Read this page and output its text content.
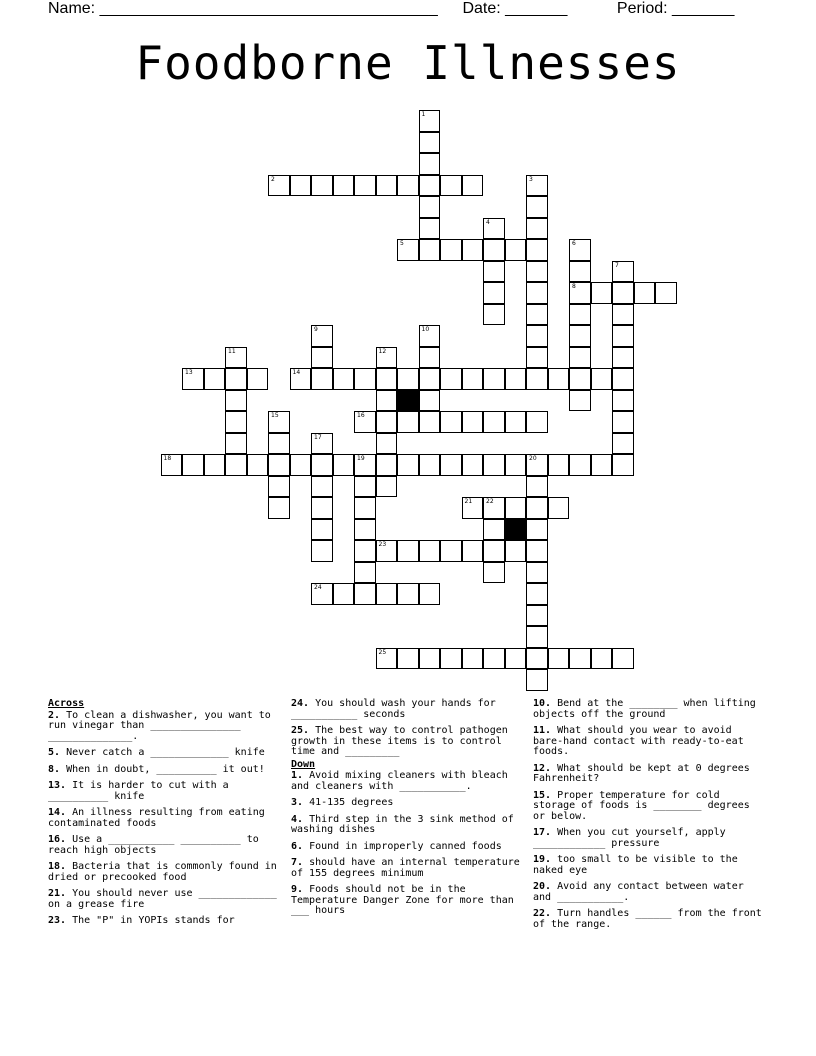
Name: ______________________________________ Date: _______	Period: _______
Foodborne Illnesses
1
2	3
4
5	6
8
7
9	10
11	12
13	14
15	16
17
18	19	20
21 22
23
24
25
Across
2. To clean a dishwasher, you want to run vinegar than _______________ ______________.
5. Never catch a _____________ knife
8. When in doubt, __________ it out!
13. It is harder to cut with a __________ knife
14. An illness resulting from eating contaminated foods
16. Use a ___________ __________ to reach high objects
18. Bacteria that is commonly found in dried or precooked food
21. You should never use _____________ on a grease fire
23. The "P" in YOPIs stands for
24. You should wash your hands for ___________ seconds
25. The best way to control pathogen growth in these items is to control time and _________
Down
1. Avoid mixing cleaners with bleach and cleaners with ___________.
3. 41-135 degrees
4. Third step in the 3 sink method of washing dishes
6. Found in improperly canned foods
7. should have an internal temperature of 155 degrees minimum
9. Foods should not be in the Temperature Danger Zone for more than ___ hours
10. Bend at the ________ when lifting objects off the ground
11. What should you wear to avoid bare-hand contact with ready-to-eat foods.
12. What should be kept at 0 degrees Fahrenheit?
15. Proper temperature for cold storage of foods is ________ degrees or below.
17. When you cut yourself, apply ____________ pressure
19. too small to be visible to the naked eye
20. Avoid any contact between water and ___________.
22. Turn handles ______ from the front of the range.
